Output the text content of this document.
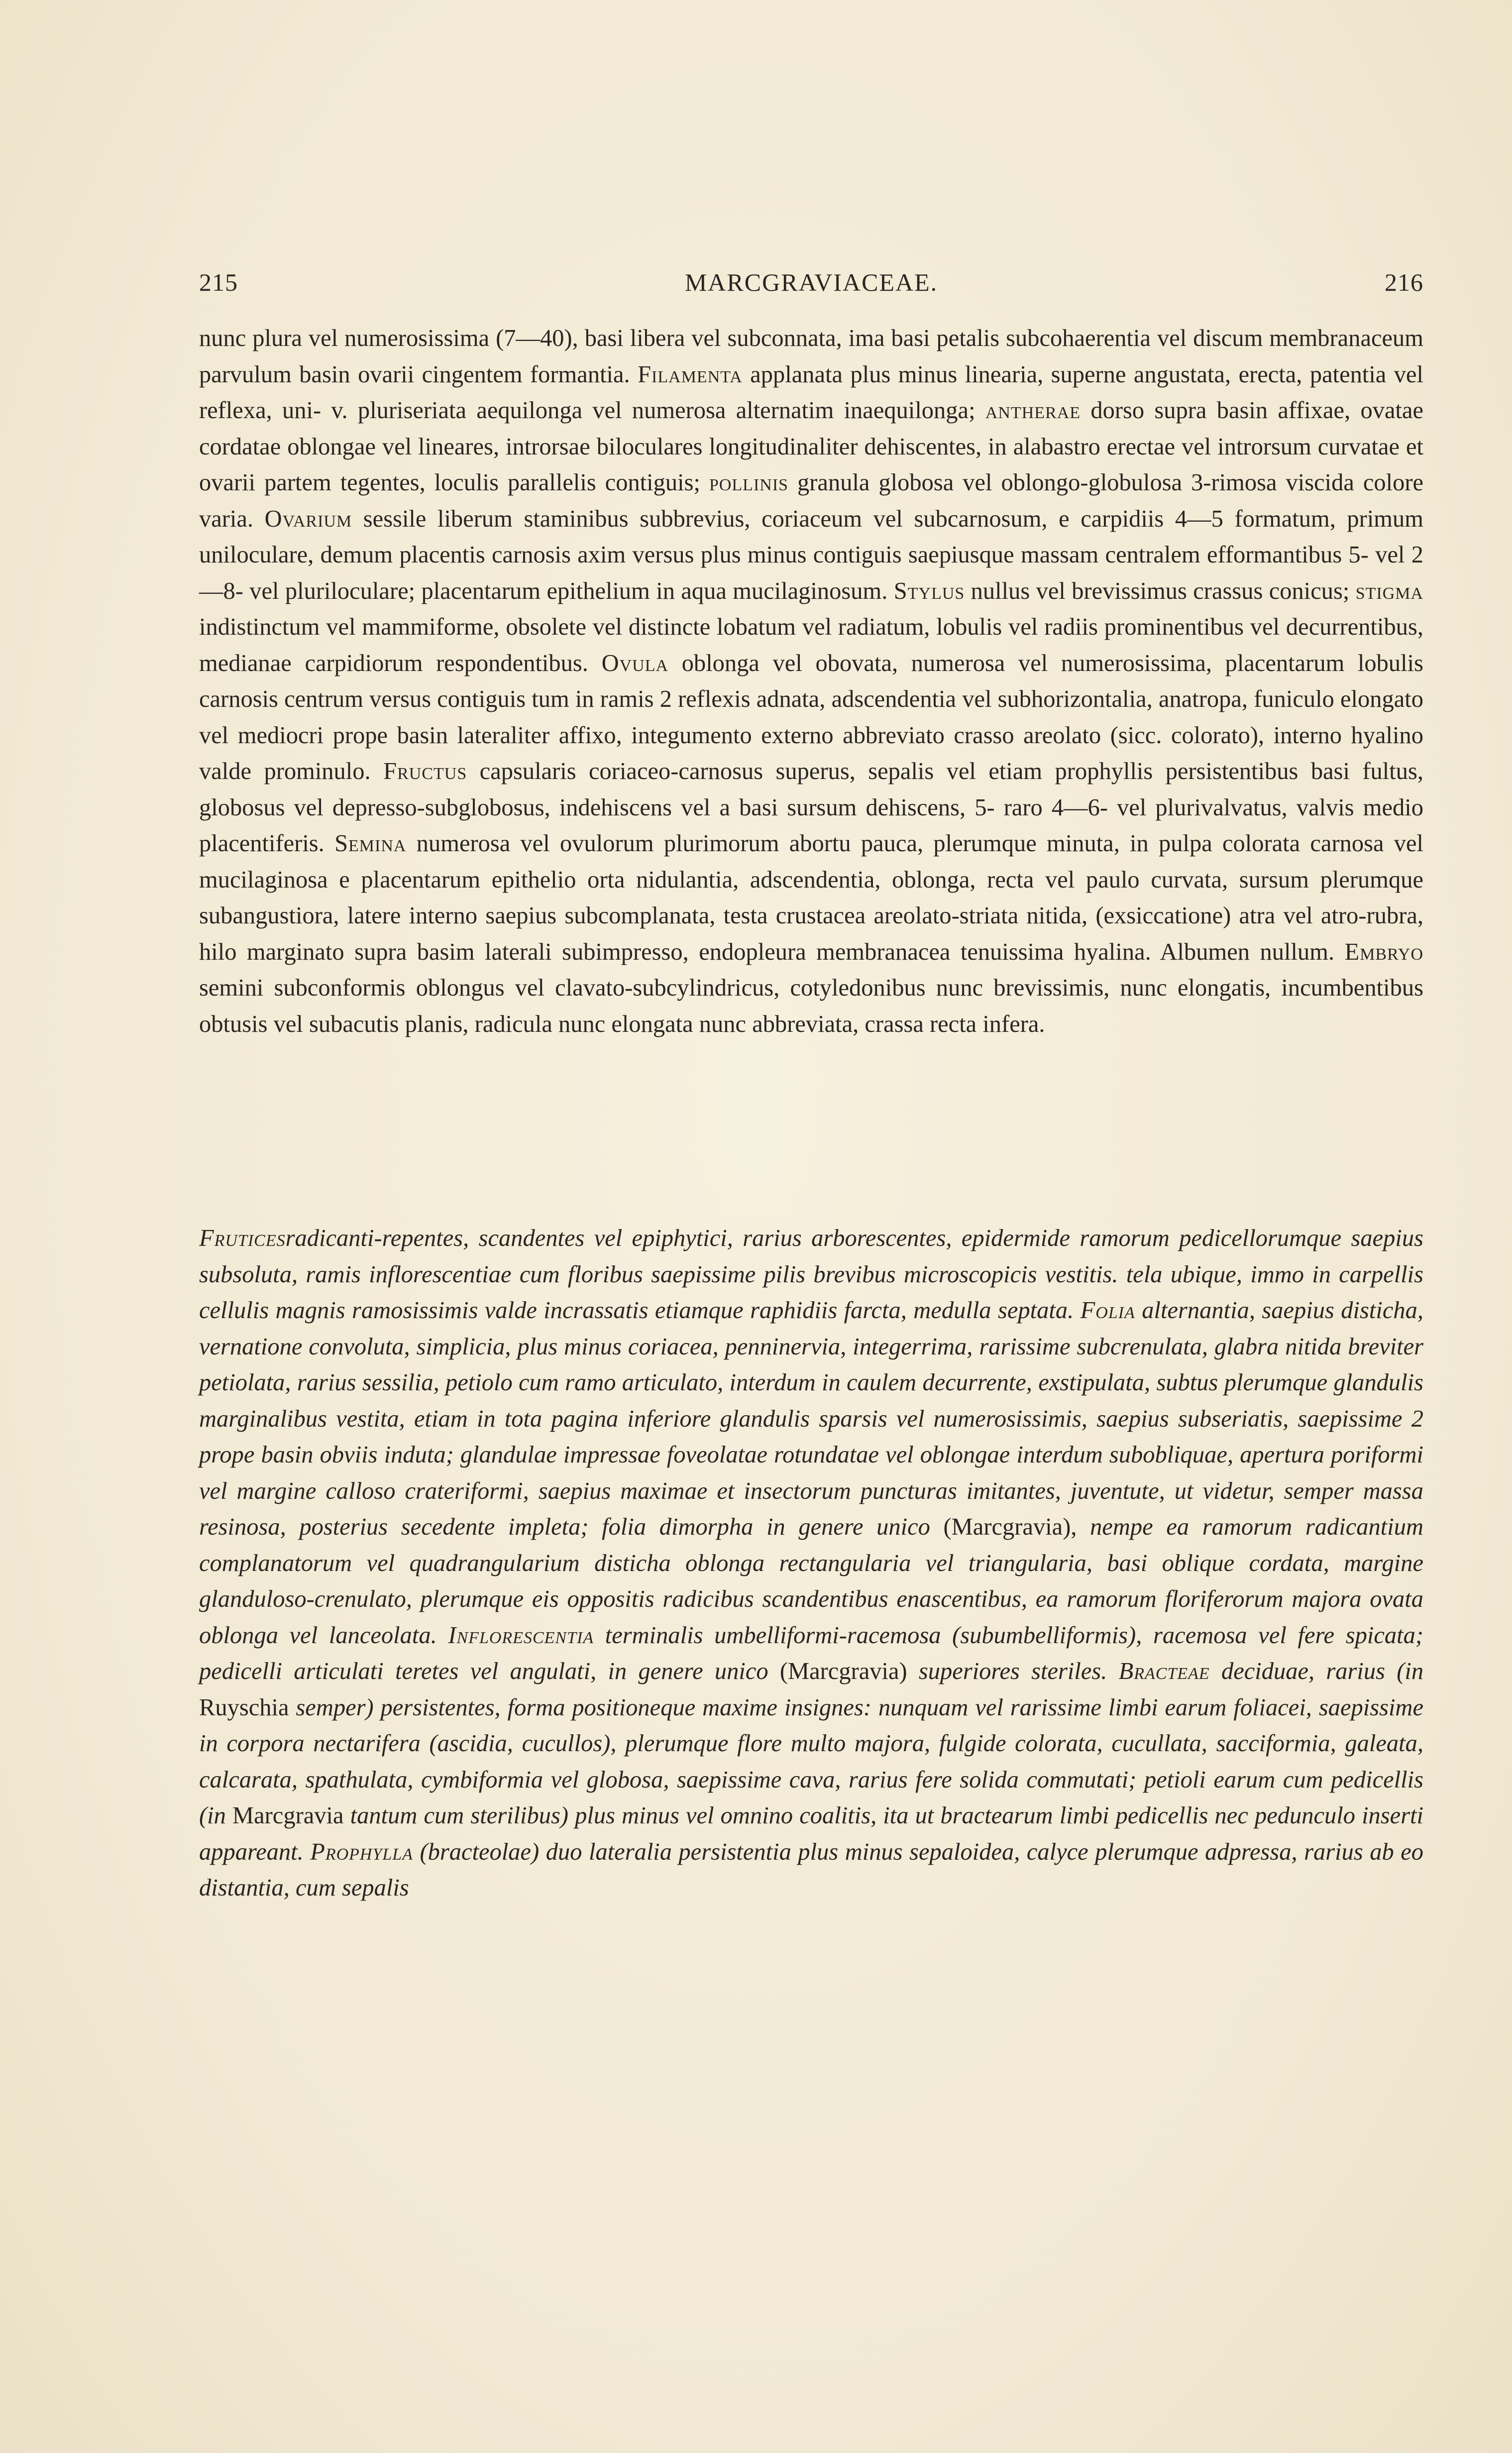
215	MARCGRAVIACEAE.	216

nunc plura vel numerosissima (7—40), basi libera vel subconnata, ima basi petalis subcohaerentia vel discum membranaceum parvulum basin ovarii cingentem formantia. Filamenta applanata plus minus linearia, superne angustata, erecta, patentia vel reflexa, uni- v. pluriseriata aequilonga vel numerosa alternatim inaequilonga; antherae dorso supra basin affixae, ovatae cordatae oblongae vel lineares, introrsae biloculares longitudinaliter dehiscentes, in alabastro erectae vel introrsum curvatae et ovarii partem tegentes, loculis parallelis contiguis; pollinis granula globosa vel oblongo-globulosa 3-rimosa viscida colore varia. Ovarium sessile liberum staminibus subbrevius, coriaceum vel subcarnosum, e carpidiis 4—5 formatum, primum uniloculare, demum placentis carnosis axim versus plus minus contiguis saepiusque massam centralem efformantibus 5- vel 2—8- vel pluriloculare; placentarum epithelium in aqua mucilaginosum. Stylus nullus vel brevissimus crassus conicus; stigma indistinctum vel mammiforme, obsolete vel distincte lobatum vel radiatum, lobulis vel radiis prominentibus vel decurrentibus, medianae carpidiorum respondentibus. Ovula oblonga vel obovata, numerosa vel numerosissima, placentarum lobulis carnosis centrum versus contiguis tum in ramis 2 reflexis adnata, adscendentia vel subhorizontalia, anatropa, funiculo elongato vel mediocri prope basin lateraliter affixo, integumento externo abbreviato crasso areolato (sicc. colorato), interno hyalino valde prominulo. Fructus capsularis coriaceo-carnosus superus, sepalis vel etiam prophyllis persistentibus basi fultus, globosus vel depresso-subglobosus, indehiscens vel a basi sursum dehiscens, 5- raro 4—6- vel plurivalvatus, valvis medio placentiferis. Semina numerosa vel ovulorum plurimorum abortu pauca, plerumque minuta, in pulpa colorata carnosa vel mucilaginosa e placentarum epithelio orta nidulantia, adscendentia, oblonga, recta vel paulo curvata, sursum plerumque subangustiora, latere interno saepius subcomplanata, testa crustacea areolato-striata nitida, (exsiccatione) atra vel atro-rubra, hilo marginato supra basim laterali subimpresso, endopleura membranacea tenuissima hyalina. Albumen nullum. Embryo semini subconformis oblongus vel clavato-subcylindricus, cotyledonibus nunc brevissimis, nunc elongatis, incumbentibus obtusis vel subacutis planis, radicula nunc elongata nunc abbreviata, crassa recta infera.

Fruticesradicanti-repentes, scandentes vel epiphytici, rarius arborescentes, epidermide ramorum pedicellorumque saepius subsoluta, ramis inflorescentiae cum floribus saepissime pilis brevibus microscopicis vestitis. tela ubique, immo in carpellis cellulis magnis ramosissimis valde incrassatis etiamque raphidiis farcta, medulla septata. Folia alternantia, saepius disticha, vernatione convoluta, simplicia, plus minus coriacea, penninervia, integerrima, rarissime subcrenulata, glabra nitida breviter petiolata, rarius sessilia, petiolo cum ramo articulato, interdum in caulem decurrente, exstipulata, subtus plerumque glandulis marginalibus vestita, etiam in tota pagina inferiore glandulis sparsis vel numerosissimis, saepius subseriatis, saepissime 2 prope basin obviis induta; glandulae impressae foveolatae rotundatae vel oblongae interdum subobliquae, apertura poriformi vel margine calloso crateriformi, saepius maximae et insectorum puncturas imitantes, juventute, ut videtur, semper massa resinosa, posterius secedente impleta; folia dimorpha in genere unico (Marcgravia), nempe ea ramorum radicantium complanatorum vel quadrangularium disticha oblonga rectangularia vel triangularia, basi oblique cordata, margine glanduloso-crenulato, plerumque eis oppositis radicibus scandentibus enascentibus, ea ramorum floriferorum majora ovata oblonga vel lanceolata. Inflorescentia terminalis umbelliformi-racemosa (subumbelliformis), racemosa vel fere spicata; pedicelli articulati teretes vel angulati, in genere unico (Marcgravia) superiores steriles. Bracteae deciduae, rarius (in Ruyschia semper) persistentes, forma positioneque maxime insignes: nunquam vel rarissime limbi earum foliacei, saepissime in corpora nectarifera (ascidia, cucullos), plerumque flore multo majora, fulgide colorata, cucullata, sacciformia, galeata, calcarata, spathulata, cymbiformia vel globosa, saepissime cava, rarius fere solida commutati; petioli earum cum pedicellis (in Marcgravia tantum cum sterilibus) plus minus vel omnino coalitis, ita ut bractearum limbi pedicellis nec pedunculo inserti appareant. Prophylla (bracteolae) duo lateralia persistentia plus minus sepaloidea, calyce plerumque adpressa, rarius ab eo distantia, cum sepalis
